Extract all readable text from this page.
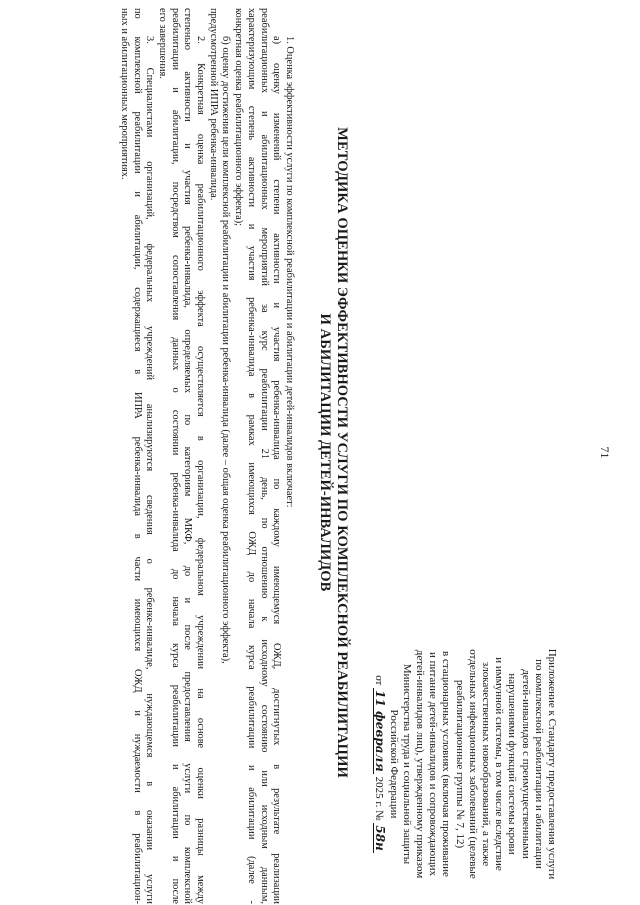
71

Приложение к Стандарту предоставления услуги

по комплексной реабилитации и абилитации

детей-инвалидов с преимущественными

нарушениями функций системы крови

и иммунной системы, в том числе вследствие

злокачественных новообразований, а также

отдельных инфекционных заболеваний (целевые

реабилитационные группы № 7, 12)

в стационарных условиях (включая проживание

и питание детей-инвалидов и сопровождающих

детей-инвалидов лиц), утвержденному приказом

Министерства труда и социальной защиты

Российской Федерации

от 11 февраля 2025 г. № 58н

МЕТОДИКА ОЦЕНКИ ЭФФЕКТИВНОСТИ УСЛУГИ ПО КОМПЛЕКСНОЙ РЕАБИЛИТАЦИИ

И АБИЛИТАЦИИ ДЕТЕЙ-ИНВАЛИДОВ

1. Оценка эффективности услуги по комплексной реабилитации и абилитации детей-инвалидов включает:

а) оценку изменений степени активности и участия ребенка-инвалида по каждому имеющемуся ОЖД, достигнутых в результате реализации

реабилитационных и абилитационных мероприятий за курс реабилитации 21 день, по отношению к исходному состоянию или исходным данным,

характеризующим степень активности и участия ребенка-инвалида в рамках имеющихся ОЖД до начала курса реабилитации и абилитации (далее -

конкретная оценка реабилитационного эффекта);

б) оценку достижения цели комплексной реабилитации и абилитации ребенка-инвалида (далее – общая оценка реабилитационного эффекта),

предусмотренной ИПРА ребенка-инвалида.

2. Конкретная оценка реабилитационного эффекта осуществляется в организации, федеральном учреждении на основе оценки разницы между

степенью активности и участия ребенка-инвалида, определяемых по категориям МКФ, до и после предоставления услуги по комплексной

реабилитации и абилитации, посредством сопоставления данных о состоянии ребенка-инвалида до начала курса реабилитации и абилитации и после

его завершения.

3. Специалистами организаций, федеральных учреждений анализируются сведения о ребенке-инвалиде, нуждающемся в оказании услуги

по комплексной реабилитации и абилитации, содержащиеся в ИПРА ребенка-инвалида в части имеющихся ОЖД и нуждаемости в реабилитацион-

ных и абилитационных мероприятиях.
